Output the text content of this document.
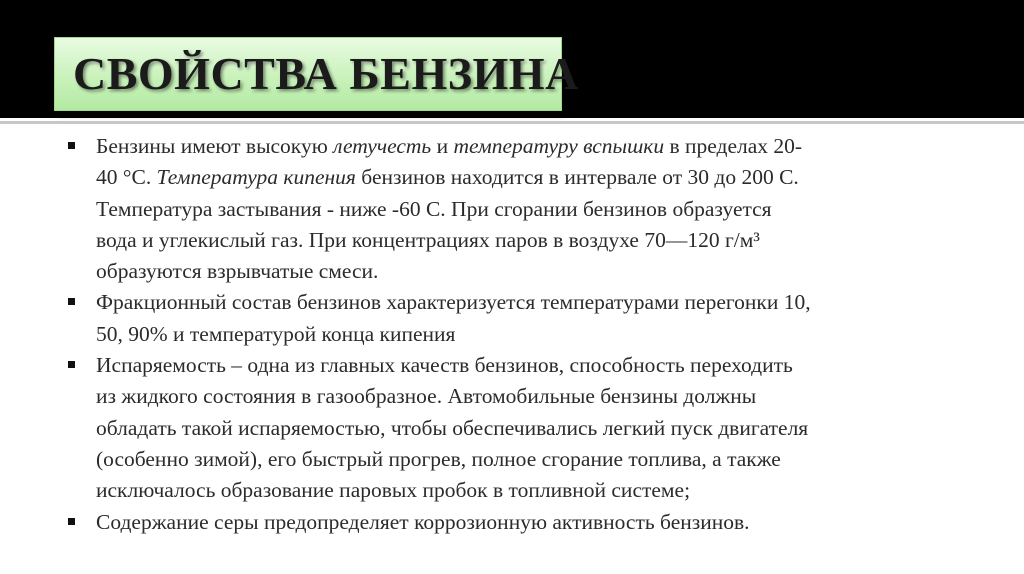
СВОЙСТВА БЕНЗИНА
Бензины имеют высокую летучесть и температуру вспышки в пределах 20-
40 °С. Температура кипения бензинов находится в интервале от 30 до 200 С.
Температура застывания - ниже -60 С. При сгорании бензинов образуется
вода и углекислый газ. При концентрациях паров в воздухе 70—120 г/м³
образуются взрывчатые смеси.
Фракционный состав бензинов характеризуется температурами перегонки 10,
50, 90% и температурой конца кипения
Испаряемость – одна из главных качеств бензинов, способность переходить
из жидкого состояния в газообразное. Автомобильные бензины должны
обладать такой испаряемостью, чтобы обеспечивались легкий пуск двигателя
(особенно зимой), его быстрый прогрев, полное сгорание топлива, а также
исключалось образование паровых пробок в топливной системе;
Содержание серы предопределяет коррозионную активность бензинов.
